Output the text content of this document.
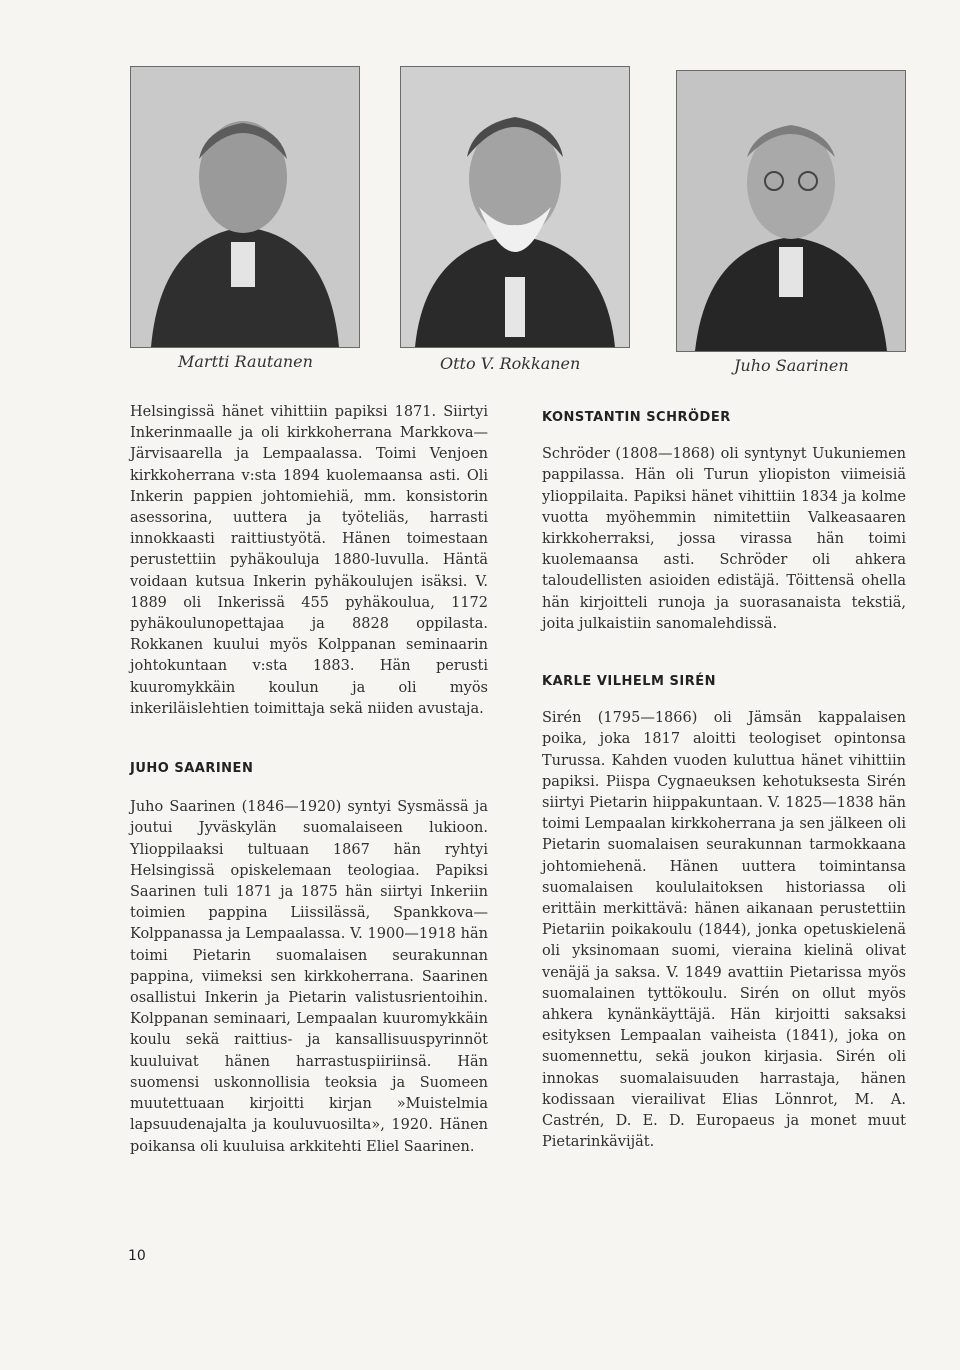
Martti Rautanen	Otto V. Rokkanen	Juho Saarinen

Helsingissä hänet vihittiin papiksi 1871. Siirtyi Inkerinmaalle ja oli kirkkoherrana Markkova—Järvisaarella ja Lempaalassa. Toimi Venjoen kirkkoherrana v:sta 1894 kuolemaansa asti. Oli Inkerin pappien johtomiehiä, mm. konsistorin asessorina, uuttera ja työteliäs, harrasti innokkaasti raittiustyötä. Hänen toimestaan perustettiin pyhäkouluja 1880-luvulla. Häntä voidaan kutsua Inkerin pyhäkoulujen isäksi. V. 1889 oli Inkerissä 455 pyhäkoulua, 1172 pyhäkoulunopettajaa ja 8828 oppilasta. Rokkanen kuului myös Kolppanan seminaarin johtokuntaan v:sta 1883. Hän perusti kuuromykkäin koulun ja oli myös inkeriläislehtien toimittaja sekä niiden avustaja.

JUHO SAARINEN

Juho Saarinen (1846—1920) syntyi Sysmässä ja joutui Jyväskylän suomalaiseen lukioon. Ylioppilaaksi tultuaan 1867 hän ryhtyi Helsingissä opiskelemaan teologiaa. Papiksi Saarinen tuli 1871 ja 1875 hän siirtyi Inkeriin toimien pappina Liissilässä, Spankkova—Kolppanassa ja Lempaalassa. V. 1900—1918 hän toimi Pietarin suomalaisen seurakunnan pappina, viimeksi sen kirkkoherrana. Saarinen osallistui Inkerin ja Pietarin valistusrientoihin. Kolppanan seminaari, Lempaalan kuuromykkäin koulu sekä raittius- ja kansallisuuspyrinnöt kuuluivat hänen harrastuspiiriinsä. Hän suomensi uskonnollisia teoksia ja Suomeen muutettuaan kirjoitti kirjan »Muistelmia lapsuudenajalta ja kouluvuosilta», 1920. Hänen poikansa oli kuuluisa arkkitehti Eliel Saarinen.

KONSTANTIN SCHRÖDER

Schröder (1808—1868) oli syntynyt Uukuniemen pappilassa. Hän oli Turun yliopiston viimeisiä ylioppilaita. Papiksi hänet vihittiin 1834 ja kolme vuotta myöhemmin nimitettiin Valkeasaaren kirkkoherraksi, jossa virassa hän toimi kuolemaansa asti. Schröder oli ahkera taloudellisten asioiden edistäjä. Töittensä ohella hän kirjoitteli runoja ja suorasanaista tekstiä, joita julkaistiin sanomalehdissä.

KARLE VILHELM SIRÉN

Sirén (1795—1866) oli Jämsän kappalaisen poika, joka 1817 aloitti teologiset opintonsa Turussa. Kahden vuoden kuluttua hänet vihittiin papiksi. Piispa Cygnaeuksen kehotuksesta Sirén siirtyi Pietarin hiippakuntaan. V. 1825—1838 hän toimi Lempaalan kirkkoherrana ja sen jälkeen oli Pietarin suomalaisen seurakunnan tarmokkaana johtomiehenä. Hänen uuttera toimintansa suomalaisen koululaitoksen historiassa oli erittäin merkittävä: hänen aikanaan perustettiin Pietariin poikakoulu (1844), jonka opetuskielenä oli yksinomaan suomi, vieraina kielinä olivat venäjä ja saksa. V. 1849 avattiin Pietarissa myös suomalainen tyttökoulu. Sirén on ollut myös ahkera kynänkäyttäjä. Hän kirjoitti saksaksi esityksen Lempaalan vaiheista (1841), joka on suomennettu, sekä joukon kirjasia. Sirén oli innokas suomalaisuuden harrastaja, hänen kodissaan vierailivat Elias Lönnrot, M. A. Castrén, D. E. D. Europaeus ja monet muut Pietarinkävijät.

10
